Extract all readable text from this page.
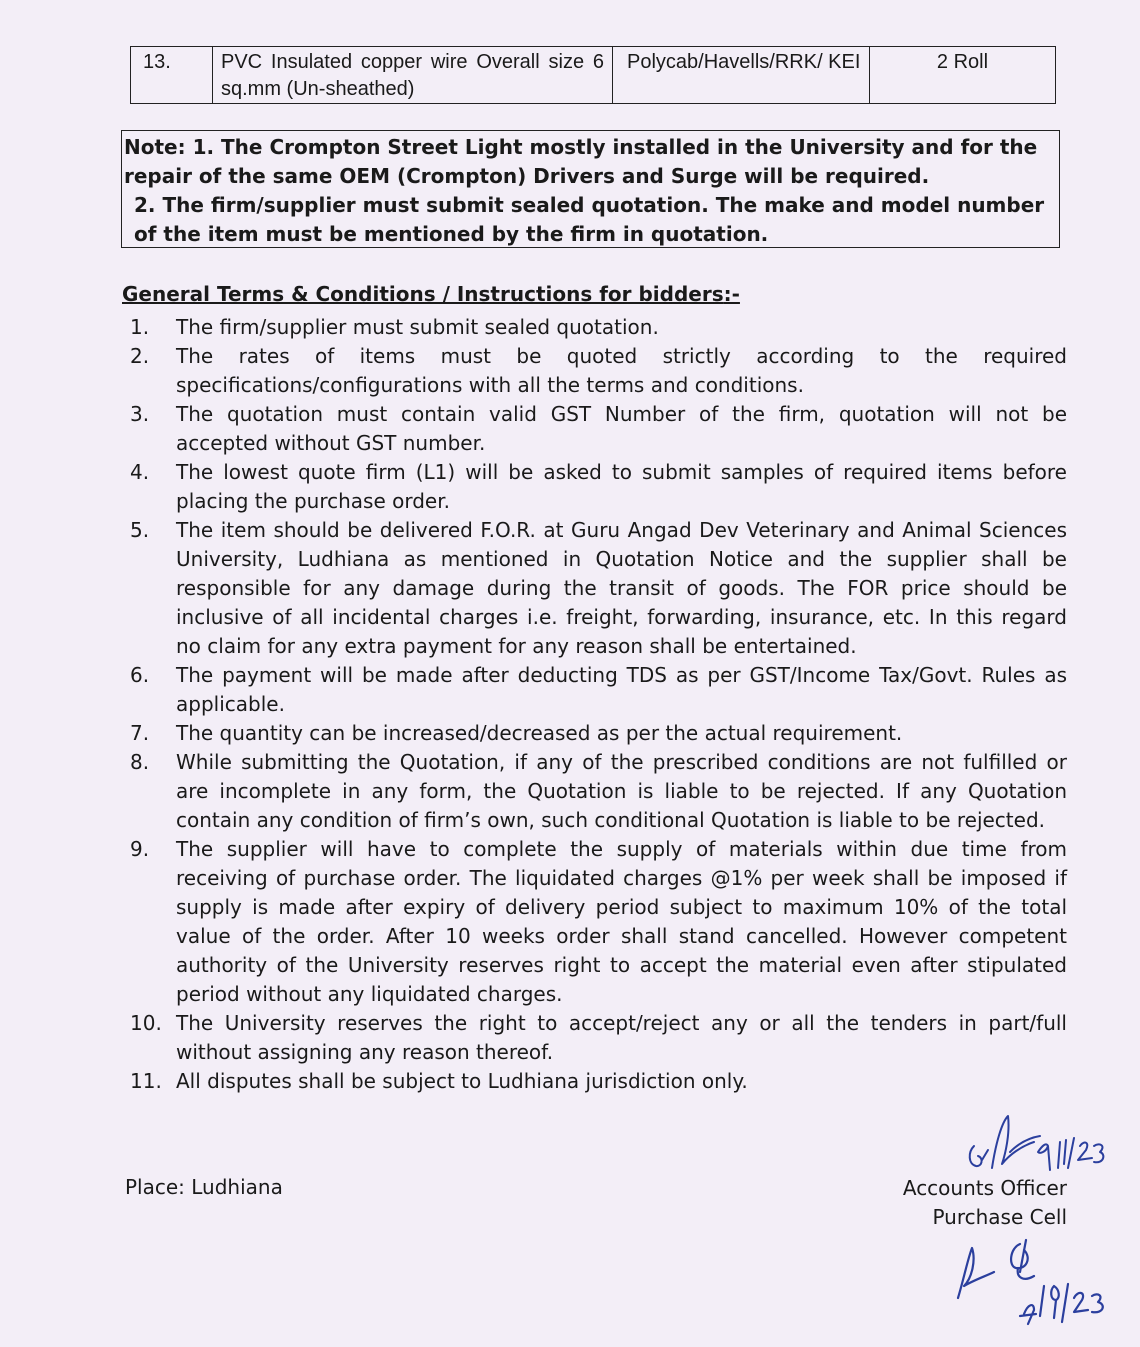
13.	PVC Insulated copper wire Overall size 6 sq.mm (Un-sheathed)	Polycab/Havells/RRK/ KEI	2 Roll

Note: 1. The Crompton Street Light mostly installed in the University and for the repair of the same OEM (Crompton) Drivers and Surge will be required.

2. The firm/supplier must submit sealed quotation. The make and model number of the item must be mentioned by the firm in quotation.

General Terms & Conditions / Instructions for bidders:-
1.	The firm/supplier must submit sealed quotation.
2.	The rates of items must be quoted strictly according to the required specifications/configurations with all the terms and conditions.
3.	The quotation must contain valid GST Number of the firm, quotation will not be accepted without GST number.
4.	The lowest quote firm (L1) will be asked to submit samples of required items before placing the purchase order.
5.	The item should be delivered F.O.R. at Guru Angad Dev Veterinary and Animal Sciences University, Ludhiana as mentioned in Quotation Notice and the supplier shall be responsible for any damage during the transit of goods. The FOR price should be inclusive of all incidental charges i.e. freight, forwarding, insurance, etc. In this regard no claim for any extra payment for any reason shall be entertained.
6.	The payment will be made after deducting TDS as per GST/Income Tax/Govt. Rules as applicable.
7.	The quantity can be increased/decreased as per the actual requirement.
8.	While submitting the Quotation, if any of the prescribed conditions are not fulfilled or are incomplete in any form, the Quotation is liable to be rejected. If any Quotation contain any condition of firm’s own, such conditional Quotation is liable to be rejected.
9.	The supplier will have to complete the supply of materials within due time from receiving of purchase order. The liquidated charges @1% per week shall be imposed if supply is made after expiry of delivery period subject to maximum 10% of the total value of the order. After 10 weeks order shall stand cancelled. However competent authority of the University reserves right to accept the material even after stipulated period without any liquidated charges.
10. The University reserves the right to accept/reject any or all the tenders in part/full without assigning any reason thereof.
11. All disputes shall be subject to Ludhiana jurisdiction only.
Place: Ludhiana	Accounts Officer
Purchase Cell
